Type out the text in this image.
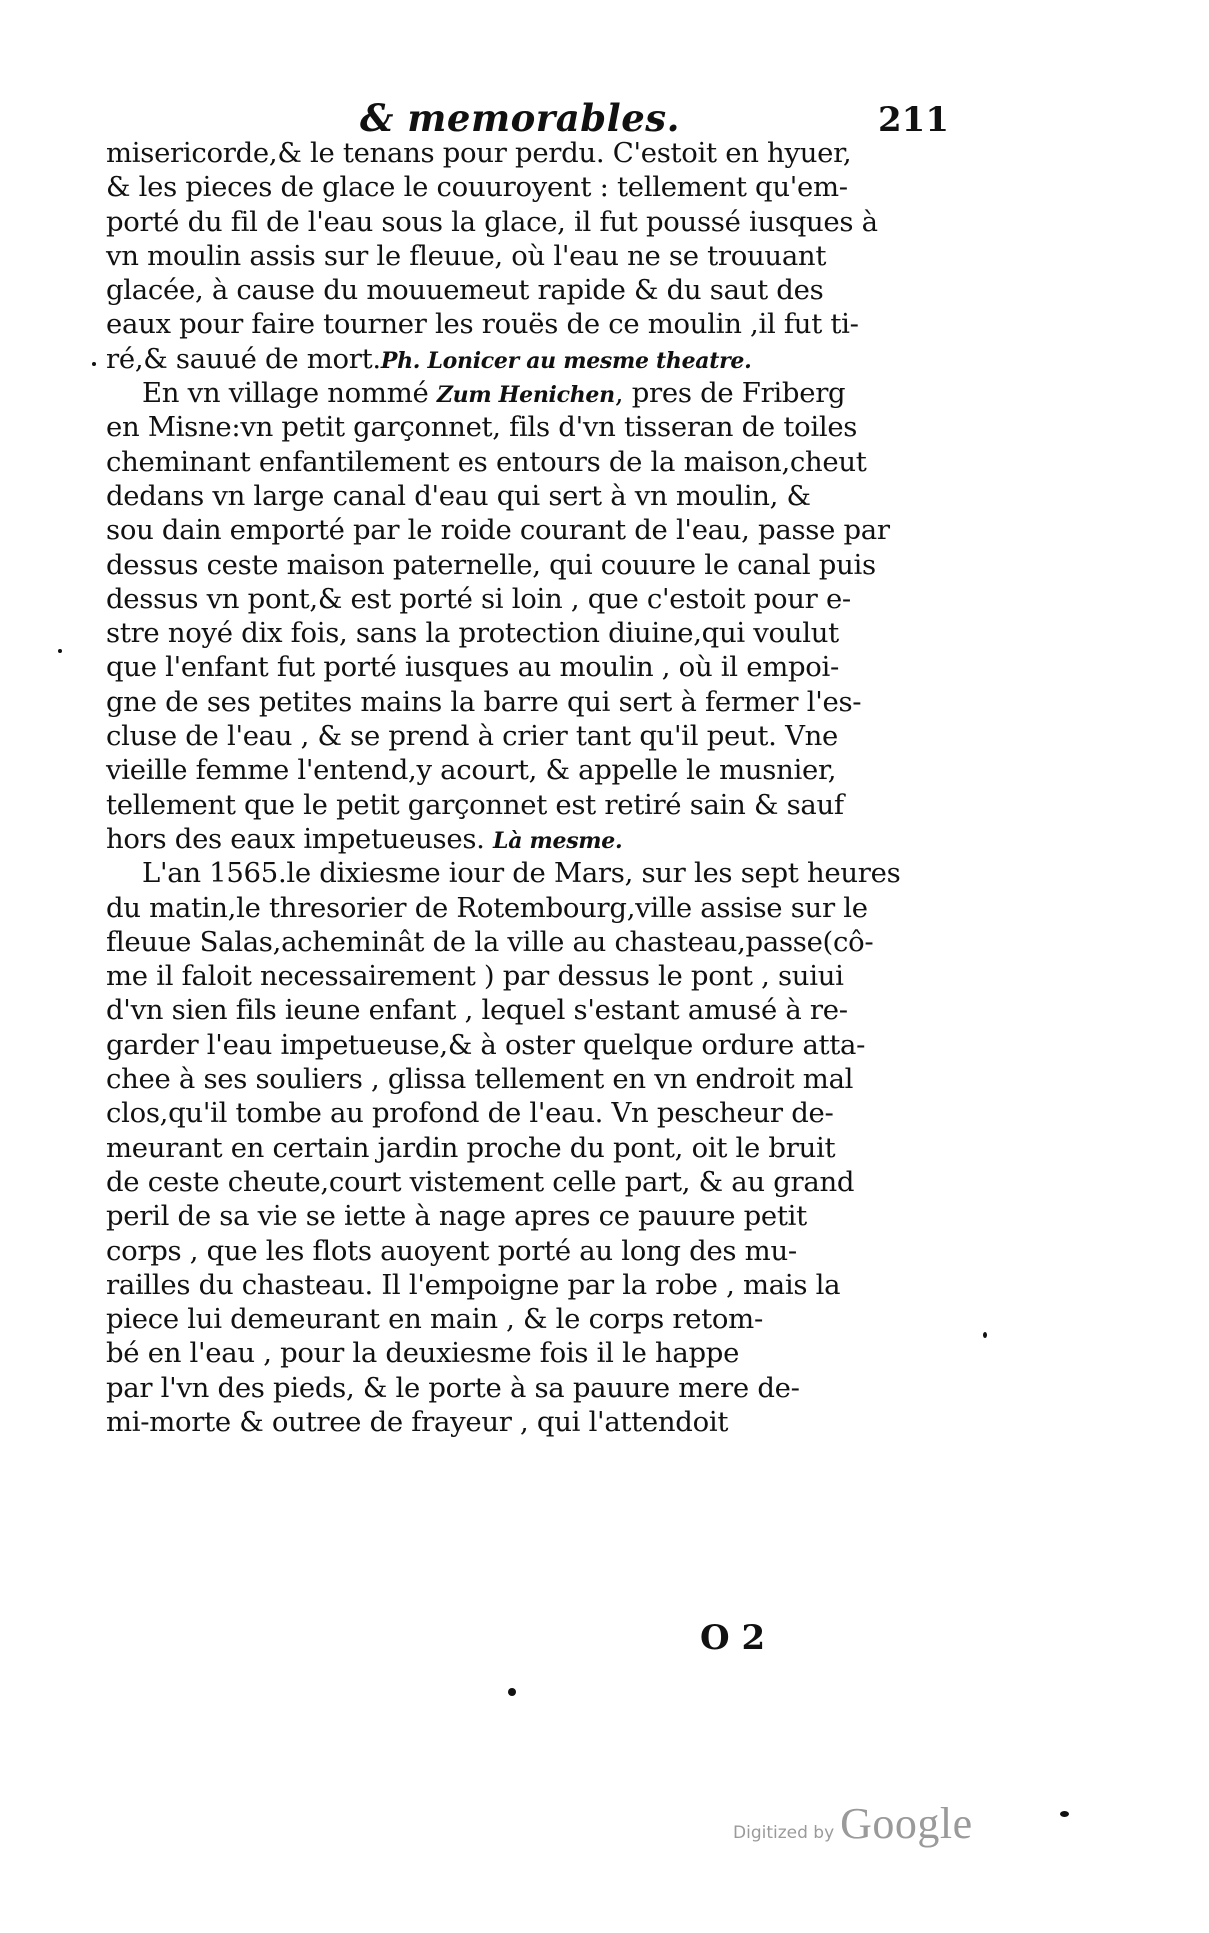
& memorables.	211
misericorde,& le tenans pour perdu. C'estoit en hyuer,
& les pieces de glace le couuroyent : tellement qu'em-
porté du fil de l'eau sous la glace, il fut poussé iusques à
vn moulin assis sur le fleuue, où l'eau ne se trouuant
glacée, à cause du mouuemeut rapide & du saut des
eaux pour faire tourner les rouës de ce moulin ,il fut ti-
ré,& sauué de mort.Ph. Lonicer au mesme theatre.
En vn village nommé Zum Henichen, pres de Friberg
en Misne:vn petit garçonnet, fils d'vn tisseran de toiles
cheminant enfantilement es entours de la maison,cheut
dedans vn large canal d'eau qui sert à vn moulin, &
sou dain emporté par le roide courant de l'eau, passe par
dessus ceste maison paternelle, qui couure le canal puis
dessus vn pont,& est porté si loin , que c'estoit pour e-
stre noyé dix fois, sans la protection diuine,qui voulut
que l'enfant fut porté iusques au moulin , où il empoi-
gne de ses petites mains la barre qui sert à fermer l'es-
cluse de l'eau , & se prend à crier tant qu'il peut. Vne
vieille femme l'entend,y acourt, & appelle le musnier,
tellement que le petit garçonnet est retiré sain & sauf
hors des eaux impetueuses. Là mesme.
L'an 1565.le dixiesme iour de Mars, sur les sept heures
du matin,le thresorier de Rotembourg,ville assise sur le
fleuue Salas,acheminât de la ville au chasteau,passe(cô-
me il faloit necessairement ) par dessus le pont , suiui
d'vn sien fils ieune enfant , lequel s'estant amusé à re-
garder l'eau impetueuse,& à oster quelque ordure atta-
chee à ses souliers , glissa tellement en vn endroit mal
clos,qu'il tombe au profond de l'eau. Vn pescheur de-
meurant en certain jardin proche du pont, oit le bruit
de ceste cheute,court vistement celle part, & au grand
peril de sa vie se iette à nage apres ce pauure petit
corps , que les flots auoyent porté au long des mu-
railles du chasteau. Il l'empoigne par la robe , mais la
piece lui demeurant en main , & le corps retom-
bé en l'eau , pour la deuxiesme fois il le happe
par l'vn des pieds, & le porte à sa pauure mere de-
mi-morte & outree de frayeur , qui l'attendoit
O 2
Digitized by Google
